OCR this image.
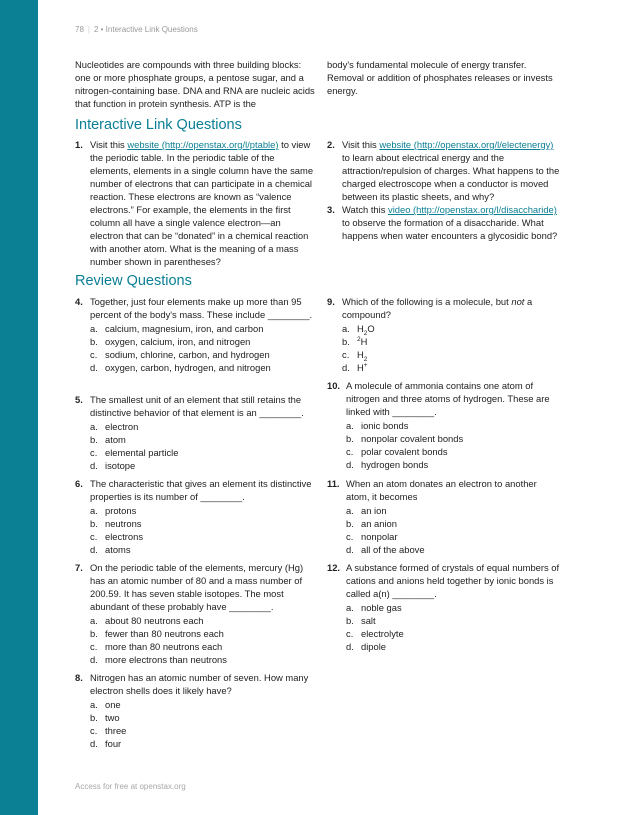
78 | 2 • Interactive Link Questions
Nucleotides are compounds with three building blocks: one or more phosphate groups, a pentose sugar, and a nitrogen-containing base. DNA and RNA are nucleic acids that function in protein synthesis. ATP is the
body's fundamental molecule of energy transfer. Removal or addition of phosphates releases or invests energy.
Interactive Link Questions
1. Visit this website (http://openstax.org/l/ptable) to view the periodic table. In the periodic table of the elements, elements in a single column have the same number of electrons that can participate in a chemical reaction. These electrons are known as “valence electrons.” For example, the elements in the first column all have a single valence electron—an electron that can be “donated” in a chemical reaction with another atom. What is the meaning of a mass number shown in parentheses?
2. Visit this website (http://openstax.org/l/electenergy) to learn about electrical energy and the attraction/repulsion of charges. What happens to the charged electroscope when a conductor is moved between its plastic sheets, and why?
3. Watch this video (http://openstax.org/l/disaccharide) to observe the formation of a disaccharide. What happens when water encounters a glycosidic bond?
Review Questions
4. Together, just four elements make up more than 95 percent of the body's mass. These include ________.
a. calcium, magnesium, iron, and carbon
b. oxygen, calcium, iron, and nitrogen
c. sodium, chlorine, carbon, and hydrogen
d. oxygen, carbon, hydrogen, and nitrogen
5. The smallest unit of an element that still retains the distinctive behavior of that element is an ________.
a. electron
b. atom
c. elemental particle
d. isotope
6. The characteristic that gives an element its distinctive properties is its number of ________.
a. protons
b. neutrons
c. electrons
d. atoms
7. On the periodic table of the elements, mercury (Hg) has an atomic number of 80 and a mass number of 200.59. It has seven stable isotopes. The most abundant of these probably have ________.
a. about 80 neutrons each
b. fewer than 80 neutrons each
c. more than 80 neutrons each
d. more electrons than neutrons
8. Nitrogen has an atomic number of seven. How many electron shells does it likely have?
a. one
b. two
c. three
d. four
9. Which of the following is a molecule, but not a compound?
a. $H_2O$
b. $^2$H
c. $H_2$
d. H+
10. A molecule of ammonia contains one atom of nitrogen and three atoms of hydrogen. These are linked with ________.
a. ionic bonds
b. nonpolar covalent bonds
c. polar covalent bonds
d. hydrogen bonds
11. When an atom donates an electron to another atom, it becomes
a. an ion
b. an anion
c. nonpolar
d. all of the above
12. A substance formed of crystals of equal numbers of cations and anions held together by ionic bonds is called a(n) ________.
a. noble gas
b. salt
c. electrolyte
d. dipole
Access for free at openstax.org
